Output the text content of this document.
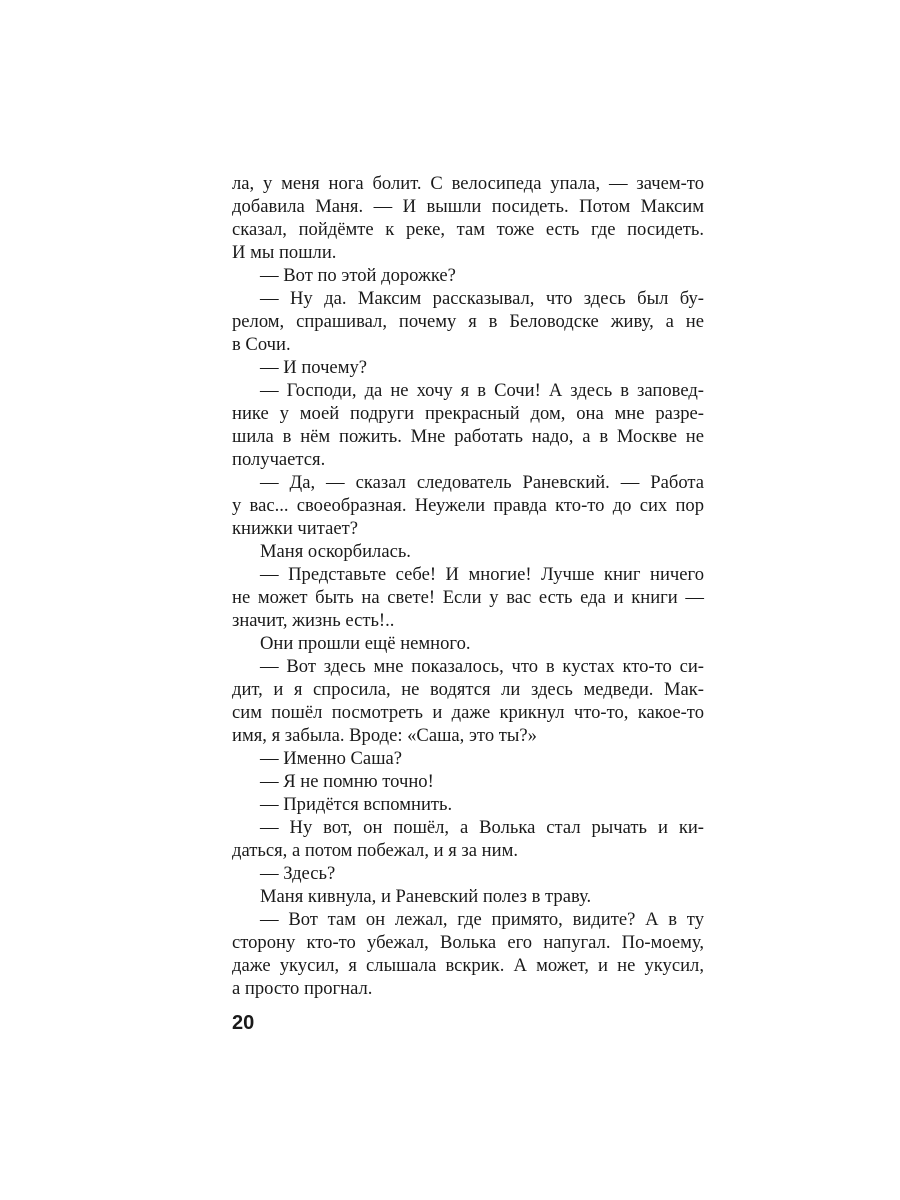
ла, у меня нога болит. С велосипеда упала, — зачем-то
добавила Маня. — И вышли посидеть. Потом Максим
сказал, пойдёмте к реке, там тоже есть где посидеть.
И мы пошли.
— Вот по этой дорожке?
— Ну да. Максим рассказывал, что здесь был бу-
релом, спрашивал, почему я в Беловодске живу, а не
в Сочи.
— И почему?
— Господи, да не хочу я в Сочи! А здесь в заповед-
нике у моей подруги прекрасный дом, она мне разре-
шила в нём пожить. Мне работать надо, а в Москве не
получается.
— Да, — сказал следователь Раневский. — Работа
у вас... своеобразная. Неужели правда кто-то до сих пор
книжки читает?
Маня оскорбилась.
— Представьте себе! И многие! Лучше книг ничего
не может быть на свете! Если у вас есть еда и книги —
значит, жизнь есть!..
Они прошли ещё немного.
— Вот здесь мне показалось, что в кустах кто-то си-
дит, и я спросила, не водятся ли здесь медведи. Мак-
сим пошёл посмотреть и даже крикнул что-то, какое-то
имя, я забыла. Вроде: «Саша, это ты?»
— Именно Саша?
— Я не помню точно!
— Придётся вспомнить.
— Ну вот, он пошёл, а Волька стал рычать и ки-
даться, а потом побежал, и я за ним.
— Здесь?
Маня кивнула, и Раневский полез в траву.
— Вот там он лежал, где примято, видите? А в ту
сторону кто-то убежал, Волька его напугал. По-моему,
даже укусил, я слышала вскрик. А может, и не укусил,
а просто прогнал.
20
